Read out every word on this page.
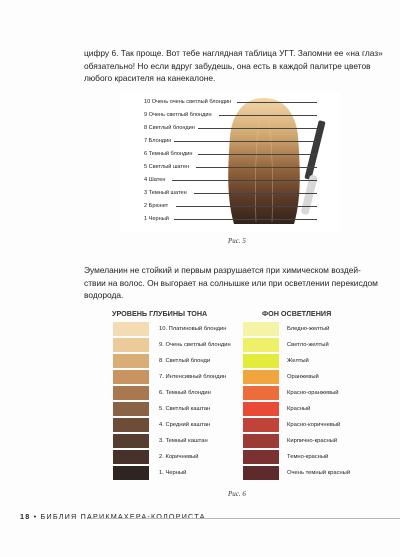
цифру 6. Так проще. Вот тебе наглядная таблица УГТ. Запомни ее «на глаз»
обязательно! Но если вдруг забудешь, она есть в каждой палитре цветов
любого красителя на канекалоне.
10 Очень очень светлый блондин
9 Очень светлый блондин
8 Светлый блондин
7 Блондин
6 Темный блондин
5 Светлый шатен
4 Шатен
3 Темный шатен
2 Брюнет
1 Черный
Рис. 5
Эумеланин не стойкий и первым разрушается при химическом воздей-
ствии на волос. Он выгорает на солнышке или при осветлении перекисдом
водорода.
УРОВЕНЬ ГЛУБИНЫ ТОНА	ФОН ОСВЕТЛЕНИЯ
10. Платиновый блондин
9. Очень светлый блондин
8. Светлый блонди
7. Интенсивный блондин
6. Темный блондин
5. Светлый каштан
4. Средний каштан
3. Темный каштан
2. Коричневый
1. Черный
Бледно-желтый
Светло-желтый
Желтый
Оранжевый
Красно-оранжевый
Красный
Красно-коричневый
Кирпично-красный
Темно-красный
Очень темный красный
Рис. 6
18 • БИБЛИЯ ПАРИКМАХЕРА-КОЛОРИСТА
